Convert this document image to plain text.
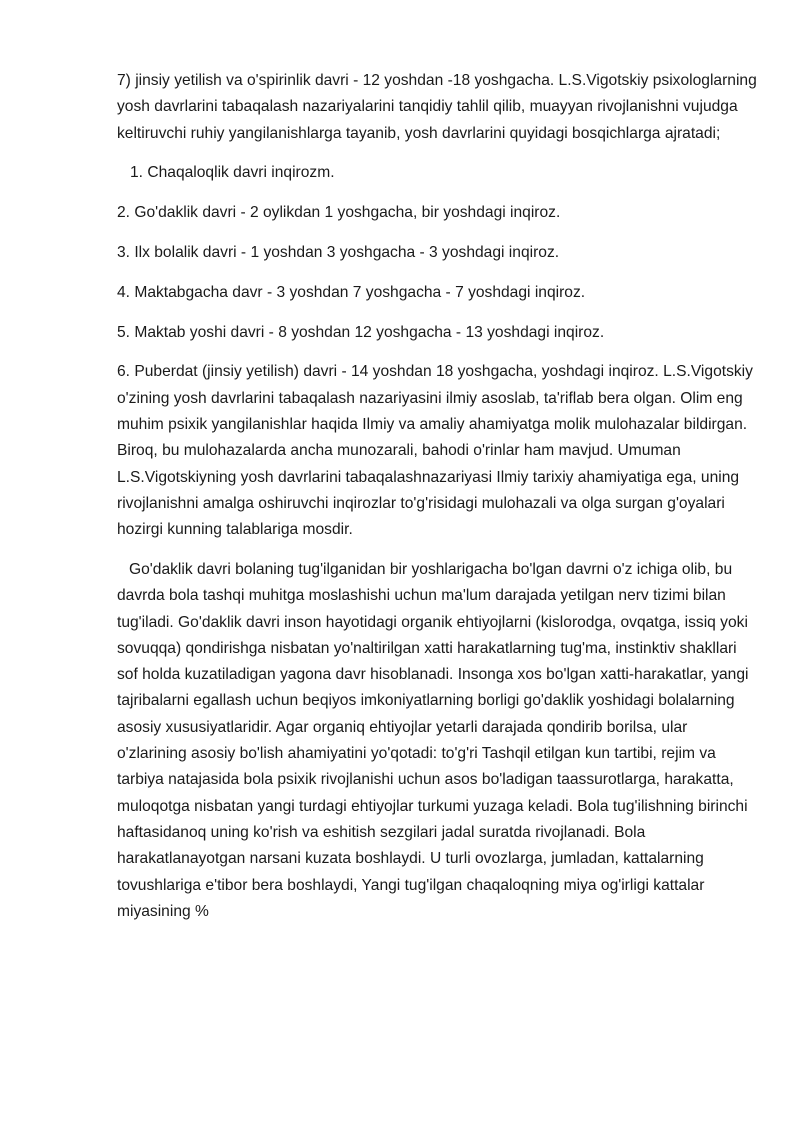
7) jinsiy yetilish va o'spirinlik davri - 12 yoshdan -18 yoshgacha. L.S.Vigotskiy psixologlarning yosh davrlarini tabaqalash nazariyalarini tanqidiy tahlil qilib, muayyan rivojlanishni vujudga keltiruvchi ruhiy yangilanishlarga tayanib, yosh davrlarini quyidagi bosqichlarga ajratadi;

1. Chaqaloqlik davri inqirozm.

2. Go'daklik davri - 2 oylikdan 1 yoshgacha, bir yoshdagi inqiroz.

3. Ilx bolalik davri - 1 yoshdan 3 yoshgacha - 3 yoshdagi inqiroz.

4. Maktabgacha davr - 3 yoshdan 7 yoshgacha - 7 yoshdagi inqiroz.

5. Maktab yoshi davri - 8 yoshdan 12 yoshgacha - 13 yoshdagi inqiroz.

6. Puberdat (jinsiy yetilish) davri - 14 yoshdan 18 yoshgacha, yoshdagi inqiroz. L.S.Vigotskiy o'zining yosh davrlarini tabaqalash nazariyasini ilmiy asoslab, ta'riflab bera olgan. Olim eng muhim psixik yangilanishlar haqida Ilmiy va amaliy ahamiyatga molik mulohazalar bildirgan. Biroq, bu mulohazalarda ancha munozarali, bahodi o'rinlar ham mavjud. Umuman L.S.Vigotskiyning yosh davrlarini tabaqalashnazariyasi Ilmiy tarixiy ahamiyatiga ega, uning rivojlanishni amalga oshiruvchi inqirozlar to'g'risidagi mulohazali va olga surgan g'oyalari hozirgi kunning talablariga mosdir.

Go'daklik davri bolaning tug'ilganidan bir yoshlarigacha bo'lgan davrni o'z ichiga olib, bu davrda bola tashqi muhitga moslashishi uchun ma'lum darajada yetilgan nerv tizimi bilan tug'iladi. Go'daklik davri inson hayotidagi organik ehtiyojlarni (kislorodga, ovqatga, issiq yoki sovuqqa) qondirishga nisbatan yo'naltirilgan xatti harakatlarning tug'ma, instinktiv shakllari sof holda kuzatiladigan yagona davr hisoblanadi. Insonga xos bo'lgan xatti-harakatlar, yangi tajribalarni egallash uchun beqiyos imkoniyatlarning borligi go'daklik yoshidagi bolalarning asosiy xususiyatlaridir. Agar organiq ehtiyojlar yetarli darajada qondirib borilsa, ular o'zlarining asosiy bo'lish ahamiyatini yo'qotadi: to'g'ri Tashqil etilgan kun tartibi, rejim va tarbiya natajasida bola psixik rivojlanishi uchun asos bo'ladigan taassurotlarga, harakatta, muloqotga nisbatan yangi turdagi ehtiyojlar turkumi yuzaga keladi. Bola tug'ilishning birinchi haftasidanoq uning ko'rish va eshitish sezgilari jadal suratda rivojlanadi. Bola harakatlanayotgan narsani kuzata boshlaydi. U turli ovozlarga, jumladan, kattalarning tovushlariga e'tibor bera boshlaydi, Yangi tug'ilgan chaqaloqning miya og'irligi kattalar miyasining %
